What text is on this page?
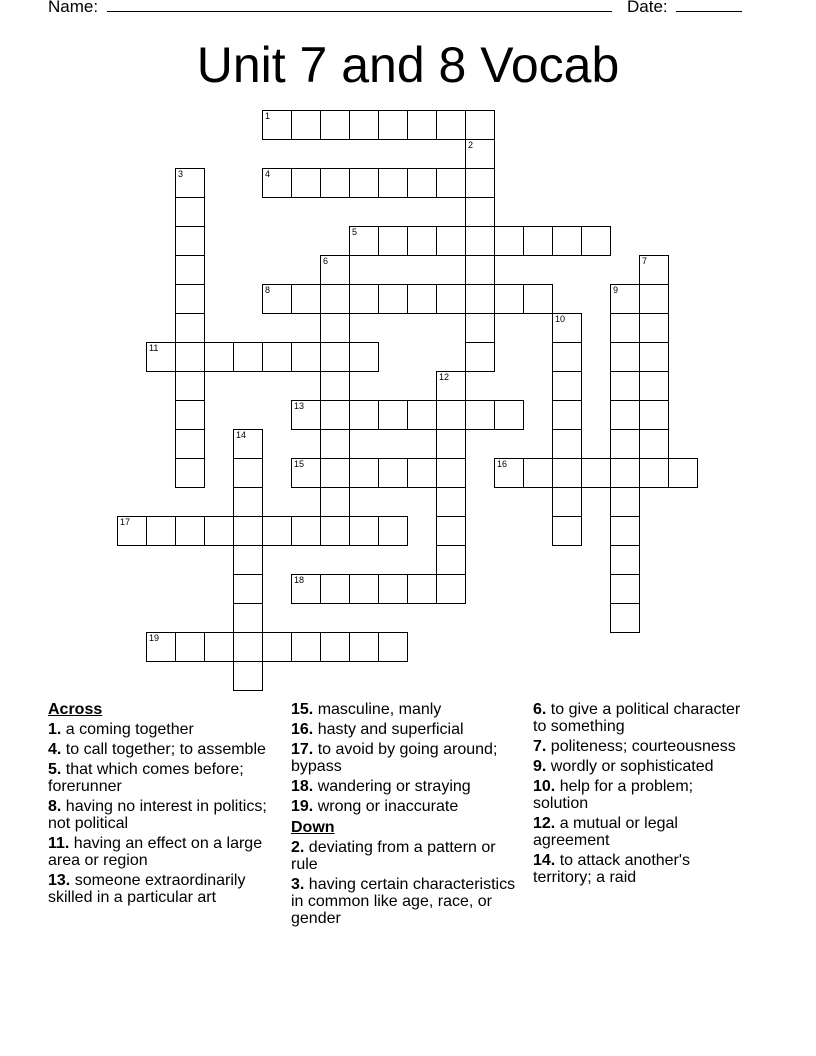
Name:	Date:
Unit 7 and 8 Vocab
1
2
3	4
5
6	7
8	9
10
11
12
13
14
15	16
17
18
19
Across
1. a coming together
4. to call together; to assemble
5. that which comes before; forerunner
8. having no interest in politics; not political
11. having an effect on a large area or region
13. someone extraordinarily skilled in a particular art
15. masculine, manly
16. hasty and superficial
17. to avoid by going around; bypass
18. wandering or straying
19. wrong or inaccurate
Down
2. deviating from a pattern or rule
3. having certain characteristics in common like age, race, or gender
6. to give a political character to something
7. politeness; courteousness
9. wordly or sophisticated
10. help for a problem; solution
12. a mutual or legal agreement
14. to attack another's territory; a raid
